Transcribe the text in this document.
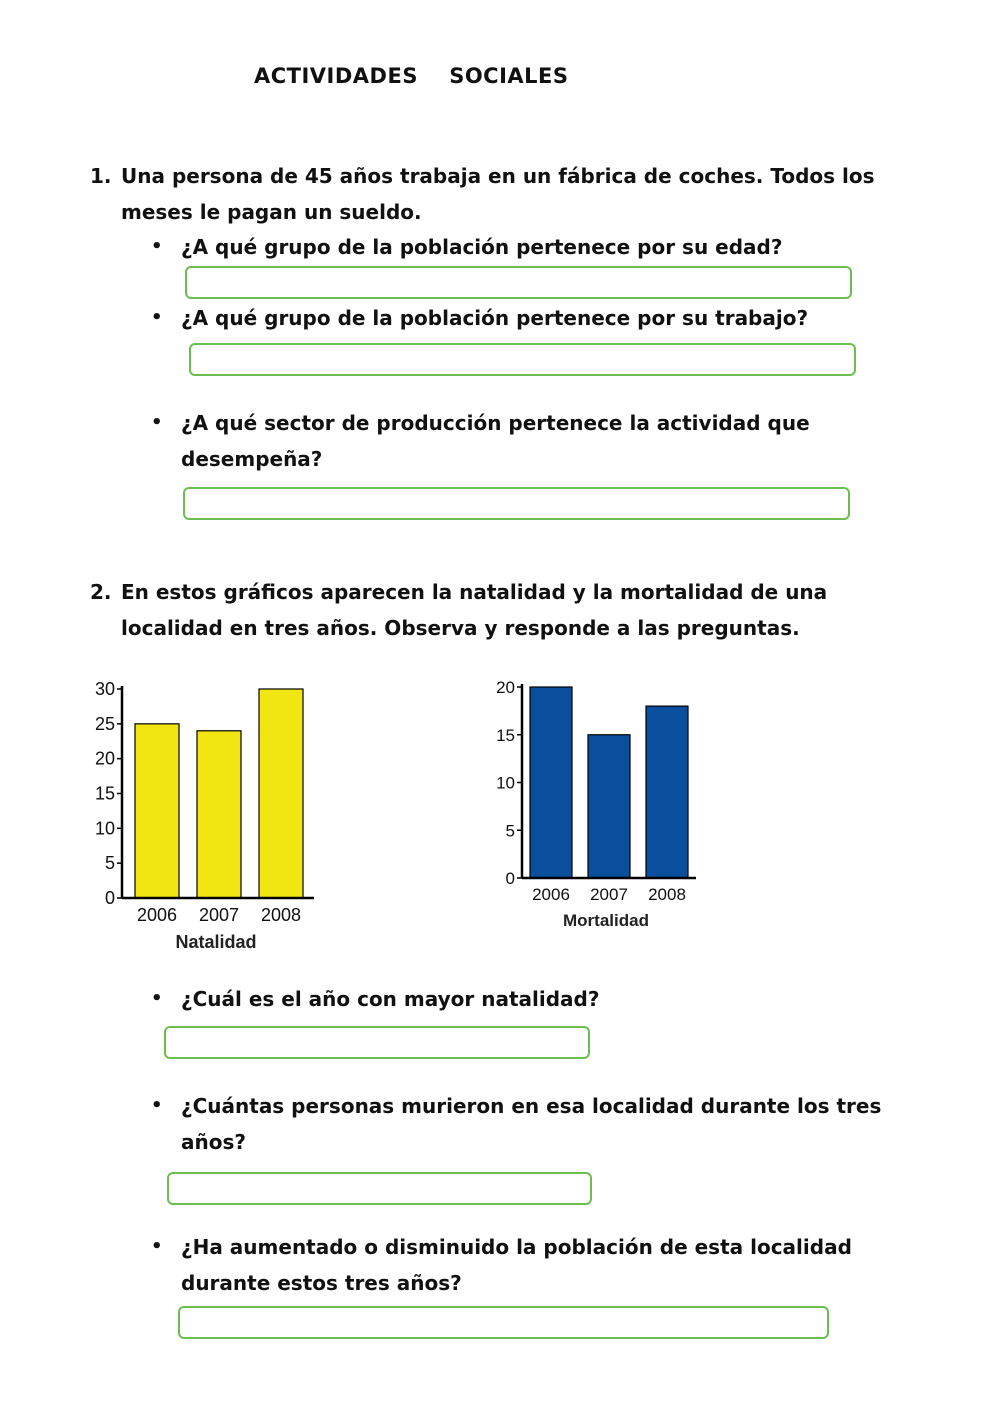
ACTIVIDADES    SOCIALES
1. Una persona de 45 años trabaja en un fábrica de coches. Todos los meses le pagan un sueldo.
• ¿A qué grupo de la población pertenece por su edad?
• ¿A qué grupo de la población pertenece por su trabajo?
• ¿A qué sector de producción pertenece la actividad que desempeña?
2. En estos gráficos aparecen la natalidad y la mortalidad de una localidad en tres años. Observa y responde a las preguntas.
0
5
10
15
20
25
30
2006 2007 2008
Natalidad
0
5
10
15
20
2006 2007 2008
Mortalidad
• ¿Cuál es el año con mayor natalidad?
• ¿Cuántas personas murieron en esa localidad durante los tres años?
• ¿Ha aumentado o disminuido la población de esta localidad durante estos tres años?
